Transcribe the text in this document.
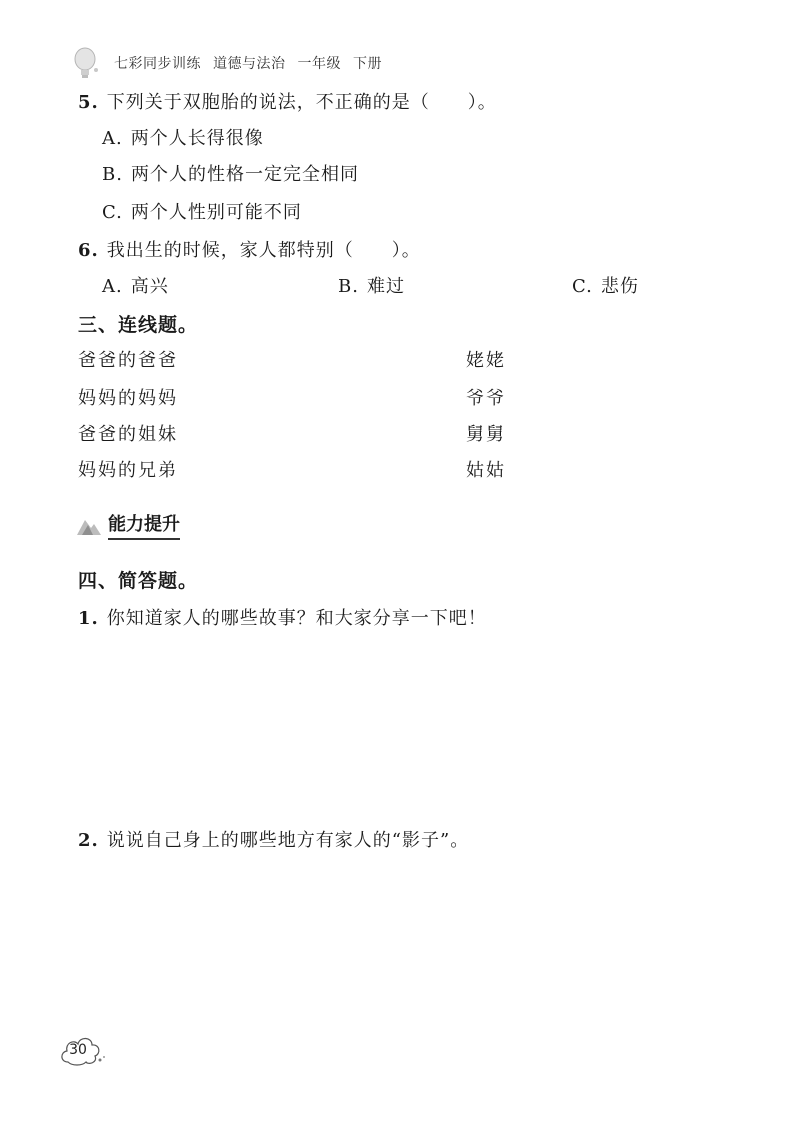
七彩同步训练 道德与法治 一年级 下册
5. 下列关于双胞胎的说法，不正确的是（　　）。
A. 两个人长得很像
B. 两个人的性格一定完全相同
C. 两个人性别可能不同
6. 我出生的时候，家人都特别（　　）。
A. 高兴	B. 难过	C. 悲伤
三、连线题。
爸爸的爸爸
妈妈的妈妈
爸爸的姐妹
妈妈的兄弟
姥姥
爷爷
舅舅
姑姑
能力提升
四、简答题。
1. 你知道家人的哪些故事？和大家分享一下吧！
2. 说说自己身上的哪些地方有家人的“影子”。
30
